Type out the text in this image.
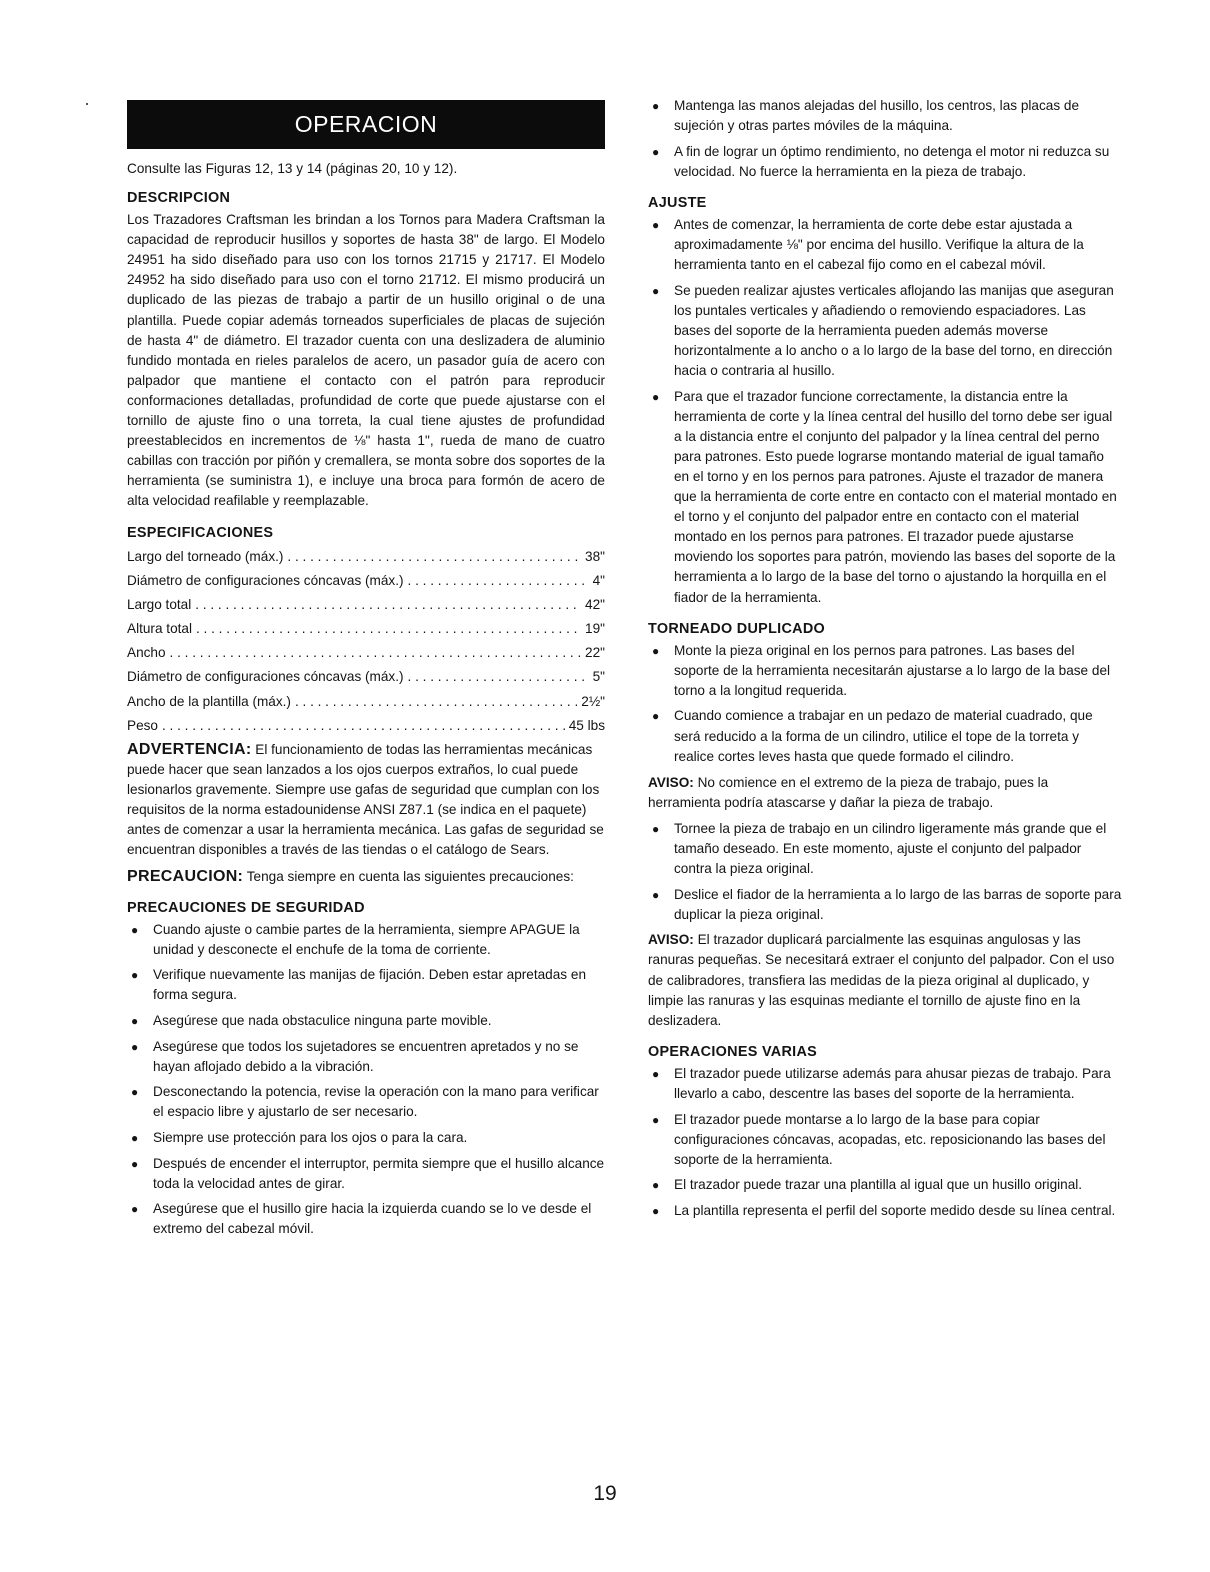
OPERACION

Consulte las Figuras 12, 13 y 14 (páginas 20, 10 y 12).

DESCRIPCION

Los Trazadores Craftsman les brindan a los Tornos para Madera Craftsman la capacidad de reproducir husillos y soportes de hasta 38" de largo. El Modelo 24951 ha sido diseñado para uso con los tornos 21715 y 21717. El Modelo 24952 ha sido diseñado para uso con el torno 21712. El mismo producirá un duplicado de las piezas de trabajo a partir de un husillo original o de una plantilla. Puede copiar además torneados superficiales de placas de sujeción de hasta 4" de diámetro. El trazador cuenta con una deslizadera de aluminio fundido montada en rieles paralelos de acero, un pasador guía de acero con palpador que mantiene el contacto con el patrón para reproducir conformaciones detalladas, profundidad de corte que puede ajustarse con el tornillo de ajuste fino o una torreta, la cual tiene ajustes de profundidad preestablecidos en incrementos de ⅛" hasta 1", rueda de mano de cuatro cabillas con tracción por piñón y cremallera, se monta sobre dos soportes de la herramienta (se suministra 1), e incluye una broca para formón de acero de alta velocidad reafilable y reemplazable.

ESPECIFICACIONES
Largo del torneado (máx.) . . .	38"
Diámetro de configuraciones cóncavas (máx.) . . .	4"
Largo total . . .	42"
Altura total . . .	19"
Ancho . . .	22"
Diámetro de configuraciones cóncavas (máx.) . . .	5"
Ancho de la plantilla (máx.) . . .	2½"
Peso . . .	45 lbs

ADVERTENCIA: El funcionamiento de todas las herramientas mecánicas puede hacer que sean lanzados a los ojos cuerpos extraños, lo cual puede lesionarlos gravemente. Siempre use gafas de seguridad que cumplan con los requisitos de la norma estadounidense ANSI Z87.1 (se indica en el paquete) antes de comenzar a usar la herramienta mecánica. Las gafas de seguridad se encuentran disponibles a través de las tiendas o el catálogo de Sears.

PRECAUCION: Tenga siempre en cuenta las siguientes precauciones:

PRECAUCIONES DE SEGURIDAD
● Cuando ajuste o cambie partes de la herramienta, siempre APAGUE la unidad y desconecte el enchufe de la toma de corriente.
● Verifique nuevamente las manijas de fijación. Deben estar apretadas en forma segura.
● Asegúrese que nada obstaculice ninguna parte movible.
● Asegúrese que todos los sujetadores se encuentren apretados y no se hayan aflojado debido a la vibración.
● Desconectando la potencia, revise la operación con la mano para verificar el espacio libre y ajustarlo de ser necesario.
● Siempre use protección para los ojos o para la cara.
● Después de encender el interruptor, permita siempre que el husillo alcance toda la velocidad antes de girar.
● Asegúrese que el husillo gire hacia la izquierda cuando se lo ve desde el extremo del cabezal móvil.
● Mantenga las manos alejadas del husillo, los centros, las placas de sujeción y otras partes móviles de la máquina.
● A fin de lograr un óptimo rendimiento, no detenga el motor ni reduzca su velocidad. No fuerce la herramienta en la pieza de trabajo.
AJUSTE
● Antes de comenzar, la herramienta de corte debe estar ajustada a aproximadamente ⅛" por encima del husillo. Verifique la altura de la herramienta tanto en el cabezal fijo como en el cabezal móvil.
● Se pueden realizar ajustes verticales aflojando las manijas que aseguran los puntales verticales y añadiendo o removiendo espaciadores. Las bases del soporte de la herramienta pueden además moverse horizontalmente a lo ancho o a lo largo de la base del torno, en dirección hacia o contraria al husillo.
● Para que el trazador funcione correctamente, la distancia entre la herramienta de corte y la línea central del husillo del torno debe ser igual a la distancia entre el conjunto del palpador y la línea central del perno para patrones. Esto puede lograrse montando material de igual tamaño en el torno y en los pernos para patrones. Ajuste el trazador de manera que la herramienta de corte entre en contacto con el material montado en el torno y el conjunto del palpador entre en contacto con el material montado en los pernos para patrones. El trazador puede ajustarse moviendo los soportes para patrón, moviendo las bases del soporte de la herramienta a lo largo de la base del torno o ajustando la horquilla en el fiador de la herramienta.
TORNEADO DUPLICADO
● Monte la pieza original en los pernos para patrones. Las bases del soporte de la herramienta necesitarán ajustarse a lo largo de la base del torno a la longitud requerida.
● Cuando comience a trabajar en un pedazo de material cuadrado, que será reducido a la forma de un cilindro, utilice el tope de la torreta y realice cortes leves hasta que quede formado el cilindro.

AVISO: No comience en el extremo de la pieza de trabajo, pues la herramienta podría atascarse y dañar la pieza de trabajo.

● Tornee la pieza de trabajo en un cilindro ligeramente más grande que el tamaño deseado. En este momento, ajuste el conjunto del palpador contra la pieza original.
● Deslice el fiador de la herramienta a lo largo de las barras de soporte para duplicar la pieza original.

AVISO: El trazador duplicará parcialmente las esquinas angulosas y las ranuras pequeñas. Se necesitará extraer el conjunto del palpador. Con el uso de calibradores, transfiera las medidas de la pieza original al duplicado, y limpie las ranuras y las esquinas mediante el tornillo de ajuste fino en la deslizadera.

OPERACIONES VARIAS
● El trazador puede utilizarse además para ahusar piezas de trabajo. Para llevarlo a cabo, descentre las bases del soporte de la herramienta.
● El trazador puede montarse a lo largo de la base para copiar configuraciones cóncavas, acopadas, etc. reposicionando las bases del soporte de la herramienta.
● El trazador puede trazar una plantilla al igual que un husillo original.
● La plantilla representa el perfil del soporte medido desde su línea central.
19
